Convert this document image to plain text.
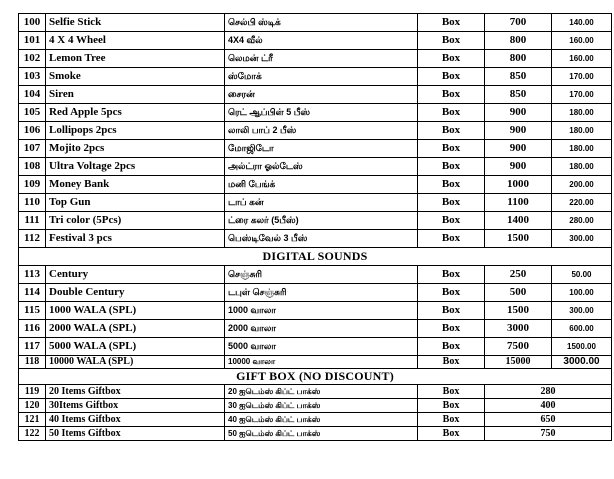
100	Selfie Stick	செல்பி ஸ்டிக்	Box	700	140.00
101	4 X 4 Wheel	4X4 வீல்	Box	800	160.00
102	Lemon Tree	லெமன் ட்ரீ	Box	800	160.00
103	Smoke	ஸ்மோக்	Box	850	170.00
104	Siren	சைரன்	Box	850	170.00
105	Red Apple 5pcs	ரெட் ஆப்பிள் 5 பீஸ்	Box	900	180.00
106	Lollipops 2pcs	லாலி பாப் 2 பீஸ்	Box	900	180.00
107	Mojito 2pcs	மோஜிடோ	Box	900	180.00
108	Ultra Voltage 2pcs	அல்ட்ரா ஓல்டேஸ்	Box	900	180.00
109	Money Bank	மனி பேங்க்	Box	1000	200.00
110	Top Gun	டாப் கன்	Box	1100	220.00
111	Tri color (5Pcs)	ட்ரை கலர் (5பீஸ்)	Box	1400	280.00
112	Festival 3 pcs	பெஸ்டிவேல் 3 பீஸ்	Box	1500	300.00
DIGITAL SOUNDS					
113	Century	செஞ்சுரி	Box	250	50.00
114	Double Century	டபுள் செஞ்சுரி	Box	500	100.00
115	1000 WALA (SPL)	1000 வாலா	Box	1500	300.00
116	2000 WALA (SPL)	2000 வாலா	Box	3000	600.00
117	5000 WALA (SPL)	5000 வாலா	Box	7500	1500.00
118	10000 WALA (SPL)	10000 வாலா	Box	15000	3000.00
GIFT BOX (NO DISCOUNT)					
119	20 Items Giftbox	20 ஐடெம்ஸ் கிப்ட் பாக்ஸ்	Box	280	
120	30Items Giftbox	30 ஐடெம்ஸ் கிப்ட் பாக்ஸ்	Box	400	
121	40 Items Giftbox	40 ஐடெம்ஸ் கிப்ட் பாக்ஸ்	Box	650	
122	50 Items Giftbox	50 ஐடெம்ஸ் கிப்ட் பாக்ஸ்	Box	750	
